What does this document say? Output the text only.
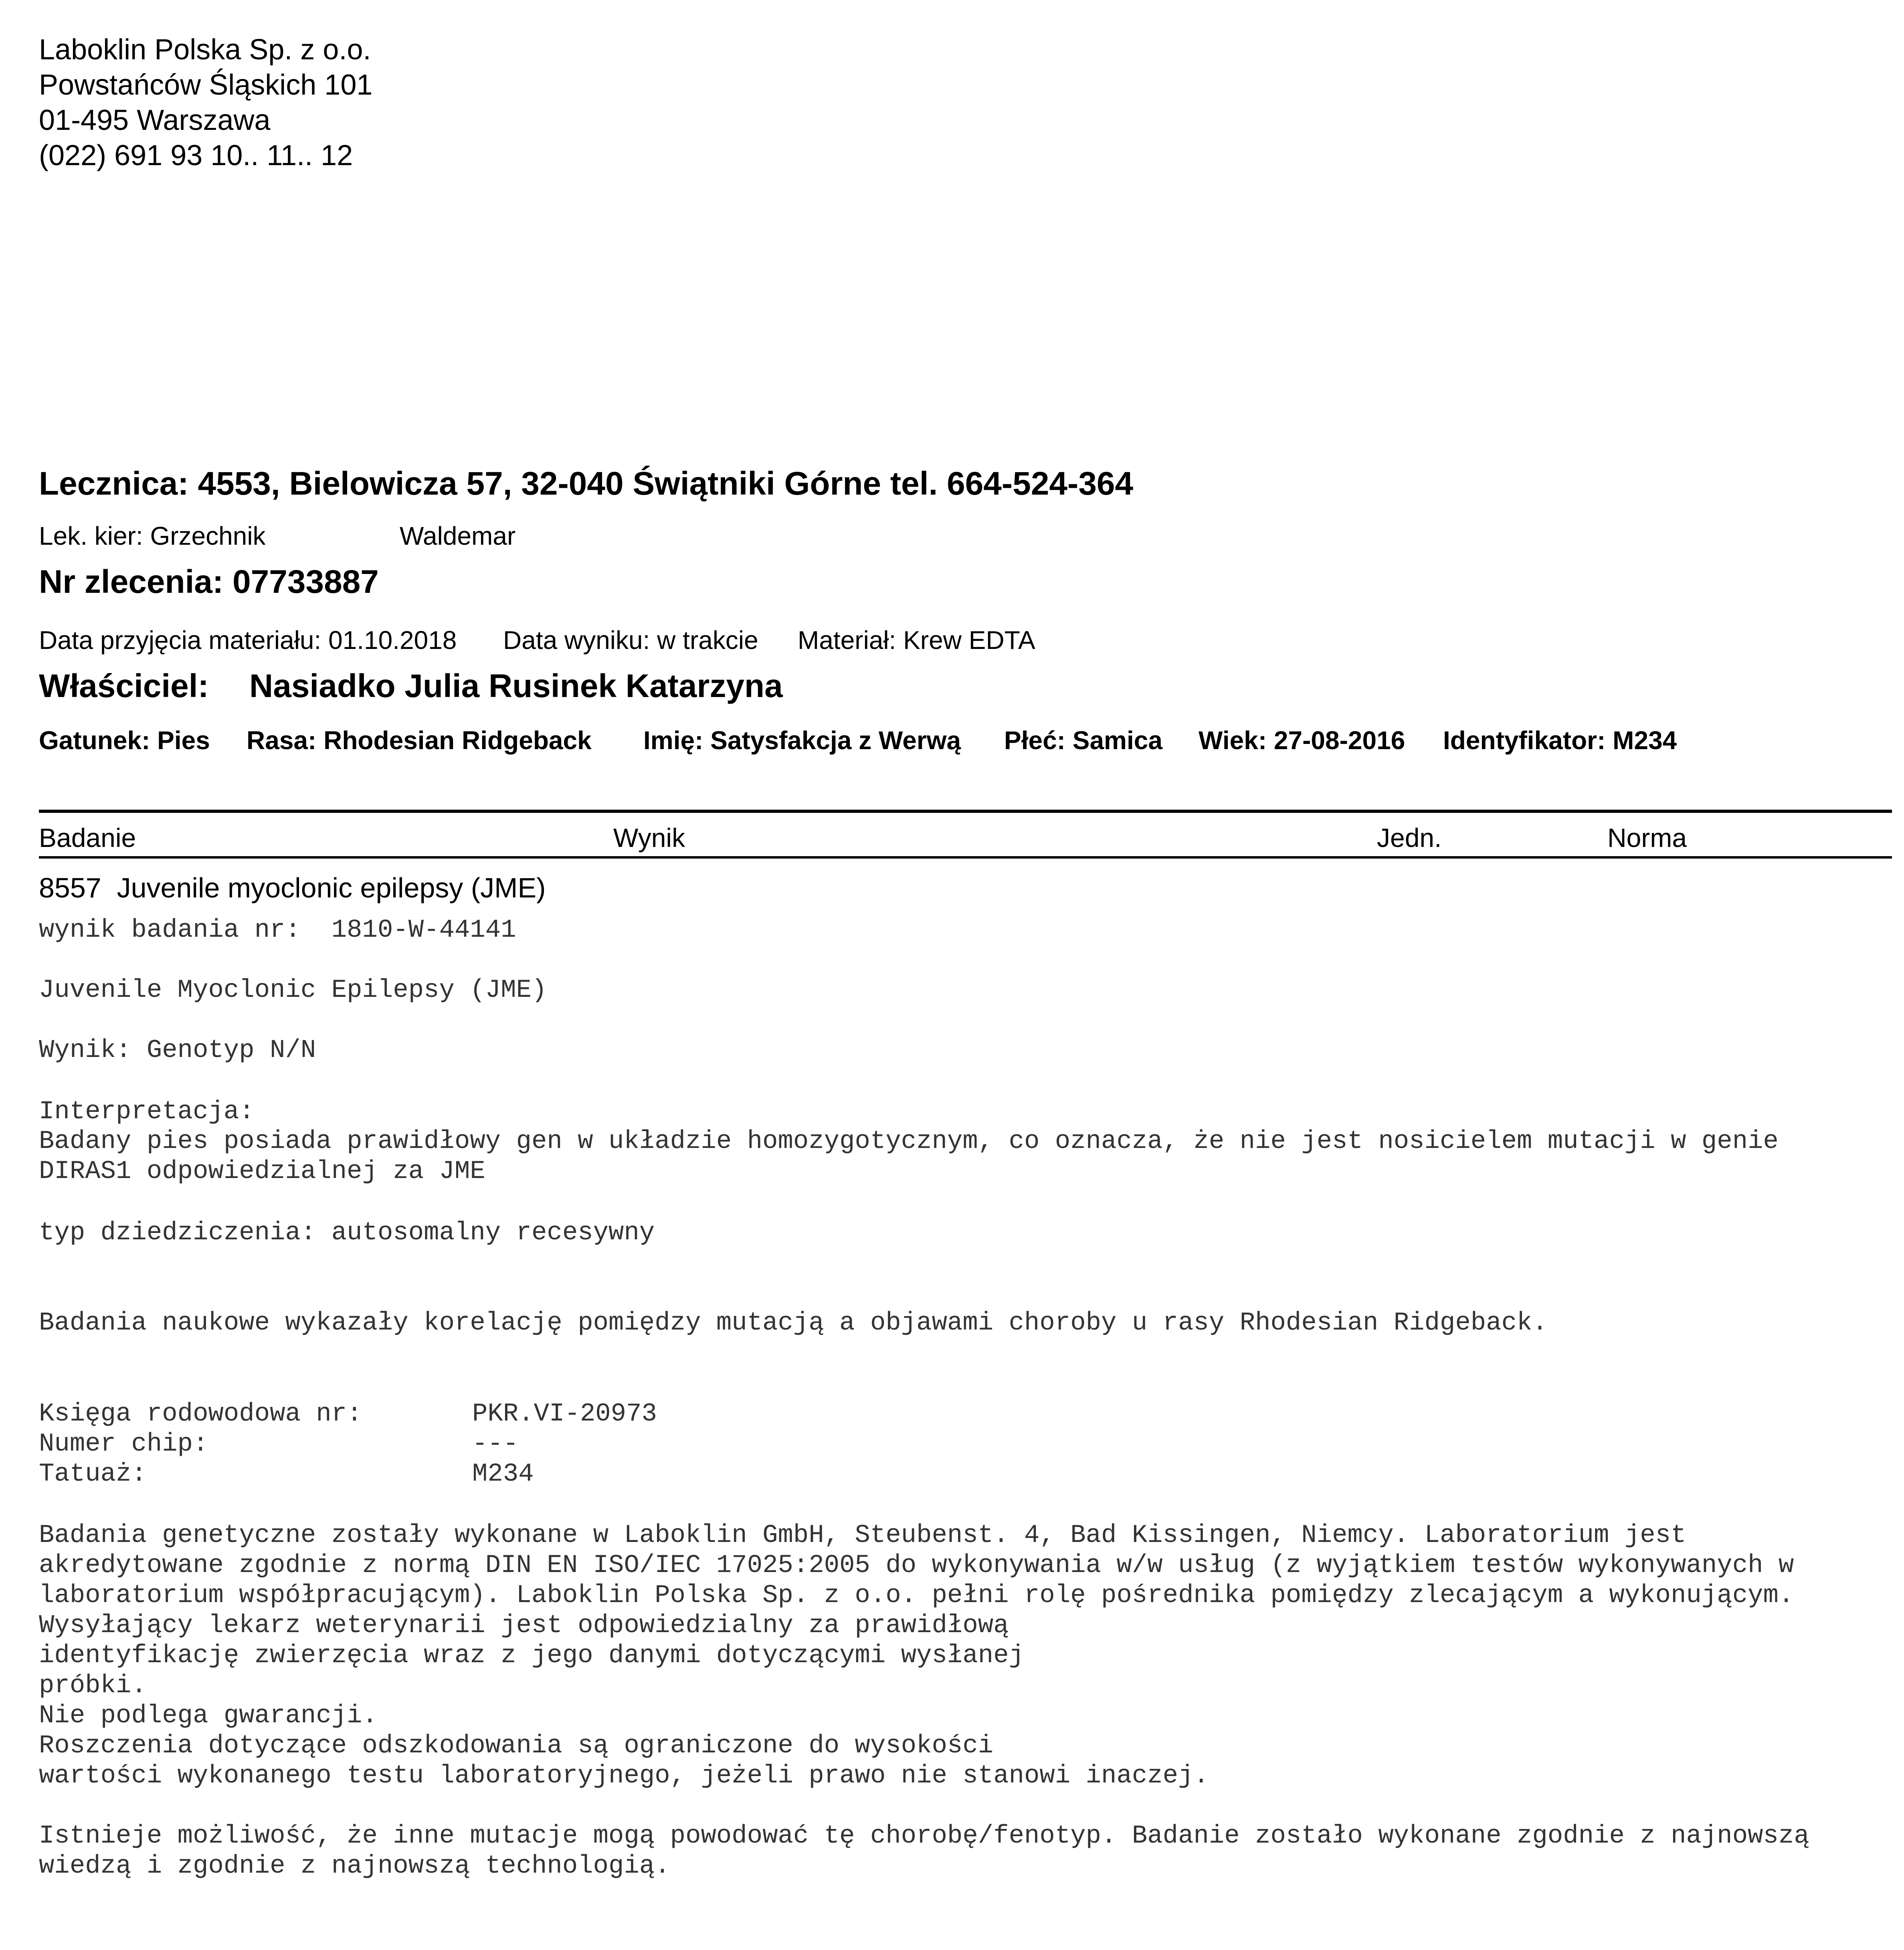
Laboklin Polska Sp. z o.o.
Powstańców Śląskich 101
01-495 Warszawa
(022) 691 93 10.. 11.. 12
Lecznica: 4553, Bielowicza 57, 32-040 Świątniki Górne tel. 664-524-364
Lek. kier: Grzechnik	Waldemar
Nr zlecenia: 07733887
Data przyjęcia materiału: 01.10.2018 Data wyniku: w trakcie Materiał: Krew EDTA
Właściciel: Nasiadko Julia Rusinek Katarzyna
Gatunek: Pies Rasa: Rhodesian Ridgeback Imię: Satysfakcja z Werwą Płeć: Samica Wiek: 27-08-2016 Identyfikator: M234
Badanie	Wynik	Jedn.	Norma
8557  Juvenile myoclonic epilepsy (JME)
wynik badania nr:  1810-W-44141
Juvenile Myoclonic Epilepsy (JME)
Wynik: Genotyp N/N
Interpretacja:
Badany pies posiada prawidłowy gen w układzie homozygotycznym, co oznacza, że nie jest nosicielem mutacji w genie
DIRAS1 odpowiedzialnej za JME
typ dziedziczenia: autosomalny recesywny
Badania naukowe wykazały korelację pomiędzy mutacją a objawami choroby u rasy Rhodesian Ridgeback.
Księga rodowodowa nr:	PKR.VI-20973
Numer chip:	---
Tatuaż:	M234
Badania genetyczne zostały wykonane w Laboklin GmbH, Steubenst. 4, Bad Kissingen, Niemcy. Laboratorium jest
akredytowane zgodnie z normą DIN EN ISO/IEC 17025:2005 do wykonywania w/w usług (z wyjątkiem testów wykonywanych w
laboratorium współpracującym). Laboklin Polska Sp. z o.o. pełni rolę pośrednika pomiędzy zlecającym a wykonującym.
Wysyłający lekarz weterynarii jest odpowiedzialny za prawidłową
identyfikację zwierzęcia wraz z jego danymi dotyczącymi wysłanej
próbki.
Nie podlega gwarancji.
Roszczenia dotyczące odszkodowania są ograniczone do wysokości
wartości wykonanego testu laboratoryjnego, jeżeli prawo nie stanowi inaczej.
Istnieje możliwość, że inne mutacje mogą powodować tę chorobę/fenotyp. Badanie zostało wykonane zgodnie z najnowszą
wiedzą i zgodnie z najnowszą technologią.
